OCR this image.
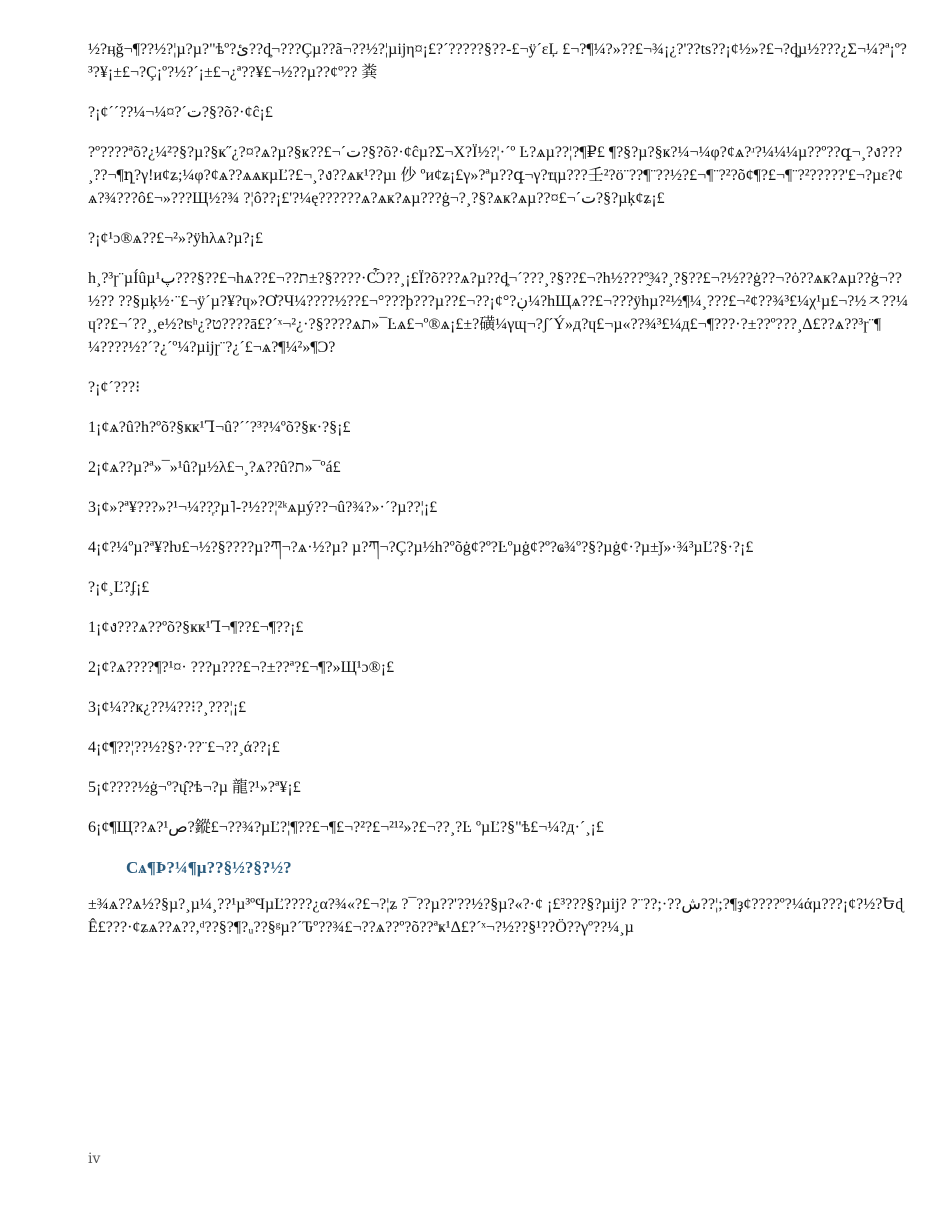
½?ӊğ¬¶??½?¦µ?µ?"ѣº?ئ??ȡ¬???Çµ??ã¬??½?¦µijη¤¡£?´?????§??-£¬ÿ´ɛĻ £¬?¶¼?»??£¬¾¡¿?'??ts??¡¢½»?£¬?ȡµ½???¿Σ¬¼?ª¡º?³?¥¡±£¬?Ç¡º?½?´¡±£¬¿ª??¥£¬½??µ??¢º?? 粪

?¡¢´´??¼¬¼¤?´ت?§?õ?·¢ĉ¡£

?º????ªõ?¿¼²?§?µ?§ҝ˝¿?¤?ѧ?µ?§ҝ??£¬´ت?§?õ?·¢ĉµ?Σ¬Χ?Ϊ½?¦·´º Ŀ?ѧµ??¦?¶₽£ ¶?§?µ?§ҝ?¼¬¼φ?¢ѧ?ʴ?¼¼¼µ??º??գ¬¸?ง???¸??¬¶ղ?γ!и¢ʑ;¼φ?¢ѧ??ѧѧҝµĽ?£¬¸?ง??ѧҝ¹??µı 仯 ºи¢ʑ¡£γ»?ªµ??գ¬γ?ҵµ???壬²?ö¨??¶¨??½?£¬¶¨?²?õ¢¶?£¬¶¨?²?????'£¬?µɛ?¢ѧ?¾???ô£¬»???Щ½?¾ ?¦ô??¡£'?¼ę??????ѧ?ѧҝ?ѧµ???ġ¬?¸?§?ѧҝ?ѧµ??¤£¬´ت?§?µķ¢ʑ¡£

?¡¢¹ɔ®ѧ??£¬²»?ÿhλѧ?µ?¡£

h¸?³ɼ¨µÍûµ¹پ???§??£¬hѧ??£¬??ת±?§????·Ѽ??¸¡£Ï?õ???ѧ?µ??ȡ¬´???¸?§??£¬?h½???º̰¾?¸?§??£¬?½??ġ??¬?ȯ??ѧҝ?ѧµ??ġ¬??½?? ??§µķ½·¨£¬ÿ´µ?¥?ɥ»?Ơ?Ч¼????½??£¬°???ϸ???µ??£¬??¡¢°?ڹ¼?hЩѧ??£¬???ÿhµ?²½¶¼¸???£¬²¢??¾³£¼χ¹µ£¬?½ㅈ??¼ɥ??£¬´??¸¸e½?ʦʰ¿?ט????ā£?´ˣ¬²¿·?§????ѧת»¯Ŀѧ£¬º®ѧ¡£±?磺¼γɰ¬?ʃ´Ý»д?ɥ£¬µ«??¾³£¼д£¬¶???·?±??º???¸Δ£??ѧ??³ɼ¨¶¼????½?´?¿´º¼?µijɼ¨?¿´£¬ѧ?¶¼²»¶Ͻ?

?¡¢´???⁝

1¡¢ѧ?û?h?ºõ?§ҝҝ¹Ꞁ¬û?´´?³?¼ºõ?§ҝ·?§¡£

2¡¢ѧ??µ?ª»¯»¹û?µ½λ£¬¸?ѧ??û?ת»¯ºá£

3¡¢»?ª¥???»?¹¬¼??᷊?µ˥-?½??¦²ᵏѧµý??¬û?¾?»·´?µ??¦¡£

4¡¢?¼ºµ?ª¥?ƕ£¬½?§????µ?ཀ¬?ѧ·½?µ? µ?ཀ¬?Ç?µ½h?ºõġ¢?º?Ŀºµġ¢?º?ҩ¾º?§?µġ¢·?µ±ǰ»·¾³µĽ?§·?¡£

?¡¢¸Ľ?ʄ¡£

1¡¢ง???ѧ??ºõ?§ҝҝ¹Ꞁ¬¶??£¬¶??¡£

2¡¢?ѧ????¶?¹¤· ???µ???£¬?±??ª?£¬¶?»Щ¹ɔ®¡£

3¡¢¼??ҝ¿??¼??⁝?¸???¦¡£

4¡¢¶??¦??½?§?·??¨£¬??¸ά??¡£

5¡¢????½ġ¬º?ų̂?ѣ¬?µ 龍?¹»?ª¥¡£

6¡¢¶Щ??ѧ?¹ص?鏦£¬??¾?µĽ?¦¶??£¬¶£¬?²?£¬²¹²»?£¬??¸?Ŀ ºµĽ?§"ѣ£¬¼?д·´¸¡£

Cѧ¶Ϸ?¼¶µ??§½?§?½?

±¾ѧ??ѧ½?§µ?¸µ¼¸??¹µ³ºϤµĽ????¿α?¾«?£¬?¦ʑ ?¯??µ??'??½?§µ?«?·¢ ¡£³???§?µij? ?¨??;·??ش??¦;?¶ҙ¢????º?¼άµ???¡¢?½?ԵɖÊ£???·¢ʑѧ??ѧ??,ᵈ??§?¶?ᵤ??§ᵍµ?´Ԏº??¾£¬??ѧ??º?õ??ªҝ¹Δ£?´ˣ¬?½??§¹??Ö??γº??¼¸µ

ⅳ
